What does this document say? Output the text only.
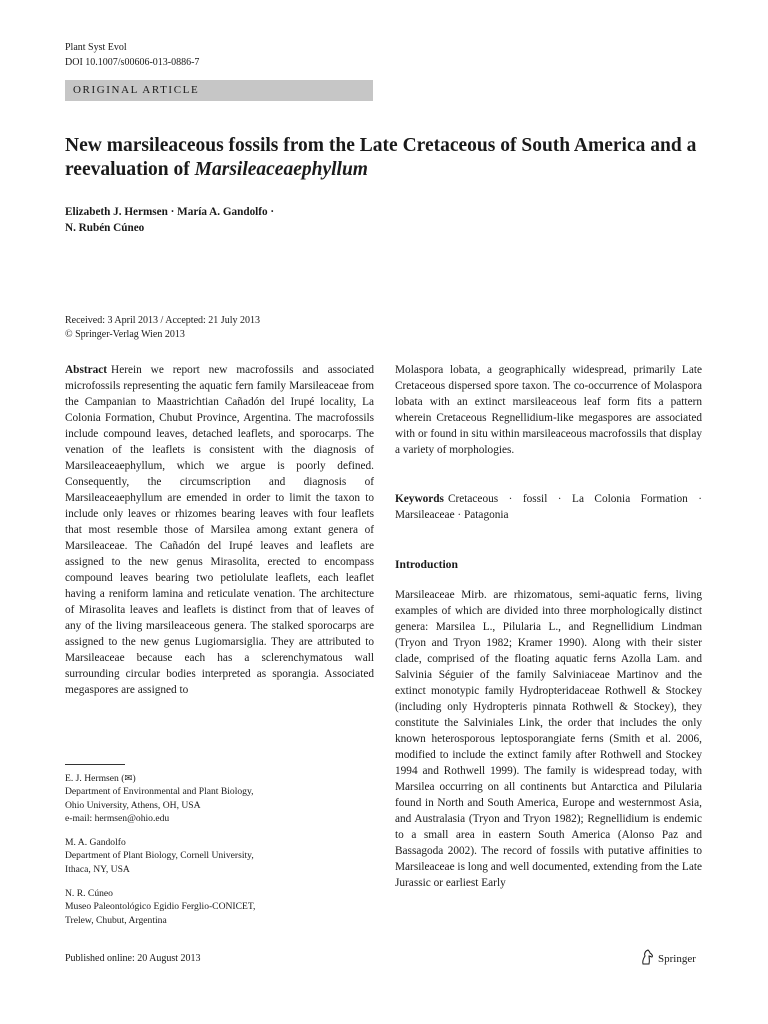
Plant Syst Evol
DOI 10.1007/s00606-013-0886-7
ORIGINAL ARTICLE
New marsileaceous fossils from the Late Cretaceous of South America and a reevaluation of Marsileaceaephyllum
Elizabeth J. Hermsen · María A. Gandolfo ·
N. Rubén Cúneo
Received: 3 April 2013 / Accepted: 21 July 2013
© Springer-Verlag Wien 2013
Abstract Herein we report new macrofossils and associated microfossils representing the aquatic fern family Marsileaceae from the Campanian to Maastrichtian Cañadón del Irupé locality, La Colonia Formation, Chubut Province, Argentina. The macrofossils include compound leaves, detached leaflets, and sporocarps. The venation of the leaflets is consistent with the diagnosis of Marsileaceaephyllum, which we argue is poorly defined. Consequently, the circumscription and diagnosis of Marsileaceaephyllum are emended in order to limit the taxon to include only leaves or rhizomes bearing leaves with four leaflets that most resemble those of Marsilea among extant genera of Marsileaceae. The Cañadón del Irupé leaves and leaflets are assigned to the new genus Mirasolita, erected to encompass compound leaves bearing two petiolulate leaflets, each leaflet having a reniform lamina and reticulate venation. The architecture of Mirasolita leaves and leaflets is distinct from that of leaves of any of the living marsileaceous genera. The stalked sporocarps are assigned to the new genus Lugiomarsiglia. They are attributed to Marsileaceae because each has a sclerenchymatous wall surrounding circular bodies interpreted as sporangia. Associated megaspores are assigned to
E. J. Hermsen (✉)
Department of Environmental and Plant Biology,
Ohio University, Athens, OH, USA
e-mail: hermsen@ohio.edu
M. A. Gandolfo
Department of Plant Biology, Cornell University,
Ithaca, NY, USA
N. R. Cúneo
Museo Paleontológico Egidio Ferglio-CONICET,
Trelew, Chubut, Argentina
Molaspora lobata, a geographically widespread, primarily Late Cretaceous dispersed spore taxon. The co-occurrence of Molaspora lobata with an extinct marsileaceous leaf form fits a pattern wherein Cretaceous Regnellidium-like megaspores are associated with or found in situ within marsileaceous macrofossils that display a variety of morphologies.
Keywords Cretaceous · fossil · La Colonia Formation · Marsileaceae · Patagonia
Introduction
Marsileaceae Mirb. are rhizomatous, semi-aquatic ferns, living examples of which are divided into three morphologically distinct genera: Marsilea L., Pilularia L., and Regnellidium Lindman (Tryon and Tryon 1982; Kramer 1990). Along with their sister clade, comprised of the floating aquatic ferns Azolla Lam. and Salvinia Séguier of the family Salviniaceae Martinov and the extinct monotypic family Hydropteridaceae Rothwell & Stockey (including only Hydropteris pinnata Rothwell & Stockey), they constitute the Salviniales Link, the order that includes the only known heterosporous leptosporangiate ferns (Smith et al. 2006, modified to include the extinct family after Rothwell and Stockey 1994 and Rothwell 1999). The family is widespread today, with Marsilea occurring on all continents but Antarctica and Pilularia found in North and South America, Europe and westernmost Asia, and Australasia (Tryon and Tryon 1982); Regnellidium is endemic to a small area in eastern South America (Alonso Paz and Bassagoda 2002). The record of fossils with putative affinities to Marsileaceae is long and well documented, extending from the Late Jurassic or earliest Early
Published online: 20 August 2013	Springer
